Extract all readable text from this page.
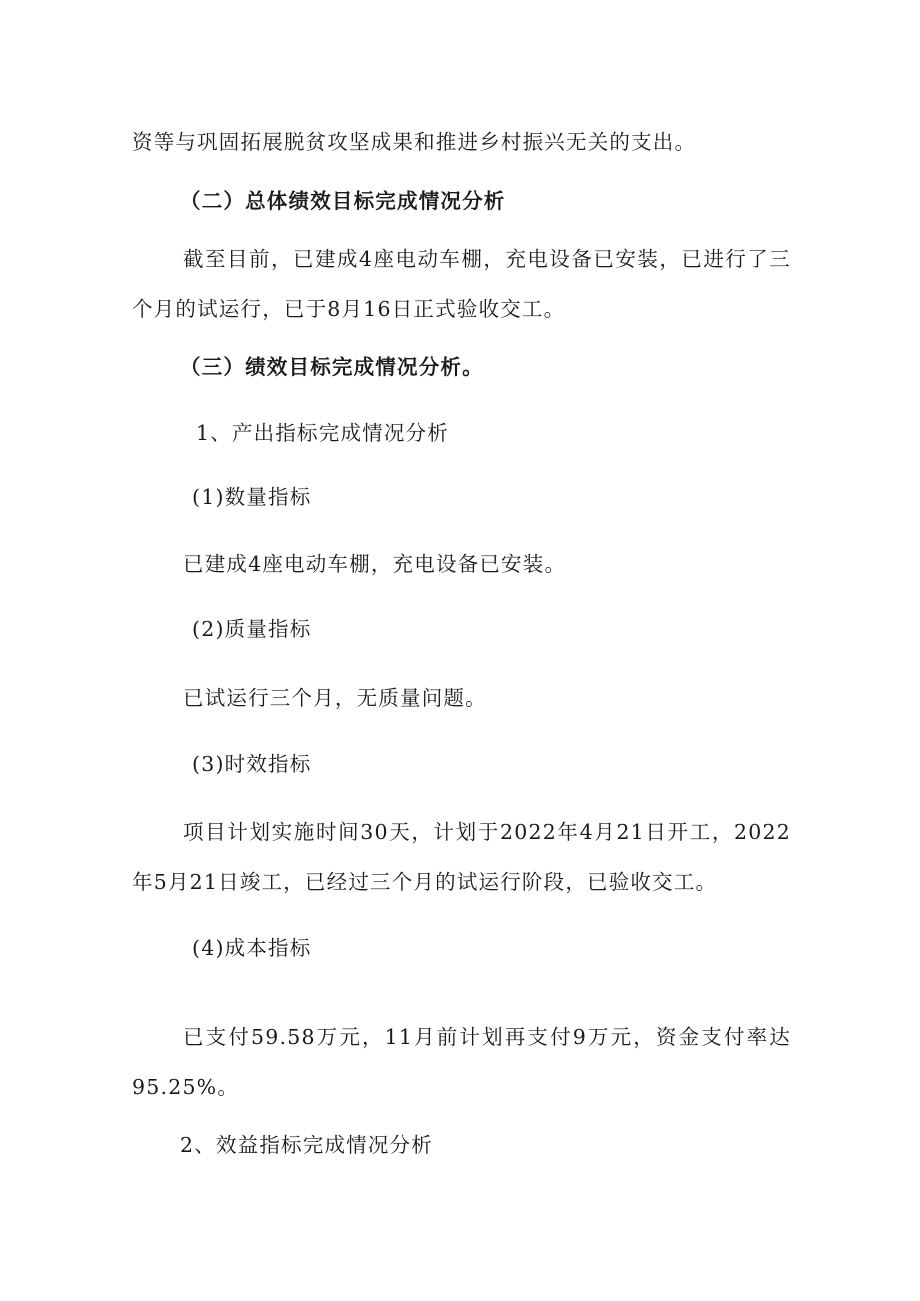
资等与巩固拓展脱贫攻坚成果和推进乡村振兴无关的支出。
（二）总体绩效目标完成情况分析
截至目前，已建成4座电动车棚，充电设备已安装，已进行了三
个月的试运行，已于8月16日正式验收交工。
（三）绩效目标完成情况分析。
1、产出指标完成情况分析
(1)数量指标
已建成4座电动车棚，充电设备已安装。
(2)质量指标
已试运行三个月，无质量问题。
(3)时效指标
项目计划实施时间30天，计划于2022年4月21日开工，2022
年5月21日竣工，已经过三个月的试运行阶段，已验收交工。
(4)成本指标
已支付59.58万元，11月前计划再支付9万元，资金支付率达
95.25%。
2、效益指标完成情况分析
